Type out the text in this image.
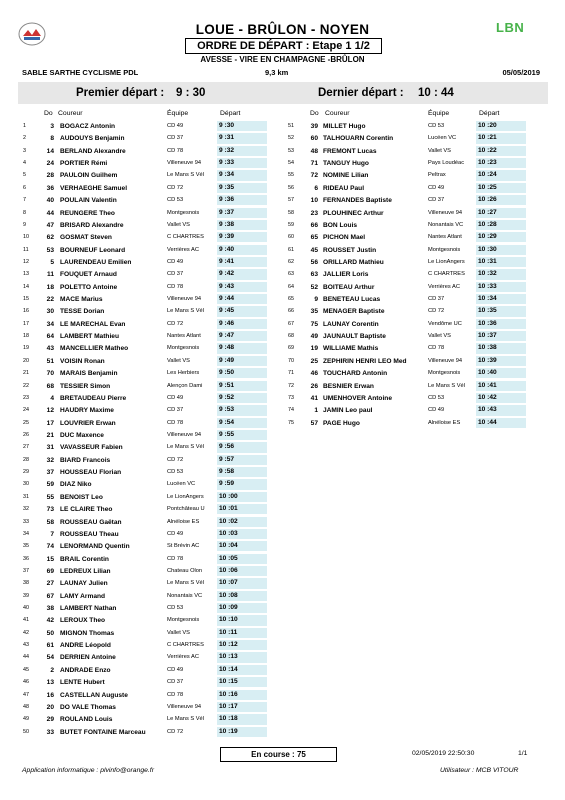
LBN
LOUE - BRÛLON - NOYEN
ORDRE DE DÉPART : Etape 1 1/2
AVESSE - VIRE EN CHAMPAGNE -BRÛLON
SABLE SARTHE CYCLISME PDL	9,3 km	05/05/2019
Premier départ : 9 : 30	Dernier départ : 10 : 44
Do Coureur	Équipe	Départ	Do Coureur	Équipe	Départ
1	3 BOGACZ Antonin	CD 49	9 :30
2	8 AUDOUYS Benjamin	CD 37	9 :31
3	14 BERLAND Alexandre	CD 78	9 :32
4	24 PORTIER Rémi	Villeneuve 94	9 :33
5	28 PAULOIN Guilhem	Le Mans S Vél	9 :34
6	36 VERHAEGHE Samuel	CD 72	9 :35
7	40 POULAIN Valentin	CD 53	9 :36
8	44 REUNGERE Theo	Montgesnois	9 :37
9	47 BRISARD Alexandre	Vallet VS	9 :38
10	62 GOSMAT Steven	C CHARTRES	9 :39
11	53 BOURNEUF Leonard	Verrières AC	9 :40
12	5 LAURENDEAU Emilien	CD 49	9 :41
13	11 FOUQUET Arnaud	CD 37	9 :42
14	18 POLETTO Antoine	CD 78	9 :43
15	22 MACE Marius	Villeneuve 94	9 :44
16	30 TESSE Dorian	Le Mans S Vél	9 :45
17	34 LE MARECHAL Evan	CD 72	9 :46
18	64 LAMBERT Mathieu	Nantes Atlant	9 :47
19	43 MANCELLIER Matheo	Montgesnois	9 :48
20	51 VOISIN Ronan	Vallet VS	9 :49
21	70 MARAIS Benjamin	Les Herbiers	9 :50
22	68 TESSIER Simon	Alençon Dami	9 :51
23	4 BRETAUDEAU Pierre	CD 49	9 :52
24	12 HAUDRY Maxime	CD 37	9 :53
25	17 LOUVRIER Erwan	CD 78	9 :54
26	21 DUC Maxence	Villeneuve 94	9 :55
27	31 VAVASSEUR Fabien	Le Mans S Vél	9 :56
28	32 BIARD Francois	CD 72	9 :57
29	37 HOUSSEAU Florian	CD 53	9 :58
30	59 DIAZ Niko	Lucéen VC	9 :59
31	55 BENOIST Leo	Le LionAngers	10 :00
32	73 LE CLAIRE Theo	Pontchâteau U	10 :01
33	58 ROUSSEAU Gaëtan	Alnéloise ES	10 :02
34	7 ROUSSEAU Theau	CD 49	10 :03
35	74 LENORMAND Quentin	St Brévin AC	10 :04
36	15 BRAIL Corentin	CD 78	10 :05
37	69 LEDREUX Lilian	Chateau Olon	10 :06
38	27 LAUNAY Julien	Le Mans S Vél	10 :07
39	67 LAMY Armand	Nonantais VC	10 :08
40	38 LAMBERT Nathan	CD 53	10 :09
41	42 LEROUX Theo	Montgesnois	10 :10
42	50 MIGNON Thomas	Vallet VS	10 :11
43	61 ANDRE Léopold	C CHARTRES	10 :12
44	54 DERRIEN Antoine	Verrières AC	10 :13
45	2 ANDRADE Enzo	CD 49	10 :14
46	13 LENTE Hubert	CD 37	10 :15
47	16 CASTELLAN Auguste	CD 78	10 :16
48	20 DO VALE Thomas	Villeneuve 94	10 :17
49	29 ROULAND Louis	Le Mans S Vél	10 :18
50	33 BUTET FONTAINE Marceau	CD 72	10 :19
51	39 MILLET Hugo	CD 53	10 :20
52	60 TALHOUARN Corentin	Lucéen VC	10 :21
53	48 FREMONT Lucas	Vallet VS	10 :22
54	71 TANGUY Hugo	Pays Loudéac	10 :23
55	72 NOMINE Lilian	Peltrax	10 :24
56	6 RIDEAU Paul	CD 49	10 :25
57	10 FERNANDES Baptiste	CD 37	10 :26
58	23 PLOUHINEC Arthur	Villeneuve 94	10 :27
59	66 BON Louis	Nonantais VC	10 :28
60	65 PICHON Mael	Nantes Atlant	10 :29
61	45 ROUSSET Justin	Montgesnois	10 :30
62	56 ORILLARD Mathieu	Le LionAngers	10 :31
63	63 JALLIER Loris	C CHARTRES	10 :32
64	52 BOITEAU Arthur	Verrières AC	10 :33
65	9 BENETEAU Lucas	CD 37	10 :34
66	35 MENAGER Baptiste	CD 72	10 :35
67	75 LAUNAY Corentin	Vendôme UC	10 :36
68	49 JAUNAULT Baptiste	Vallet VS	10 :37
69	19 WILLIAME Mathis	CD 78	10 :38
70	25 ZEPHIRIN HENRI LEO Med	Villeneuve 94	10 :39
71	46 TOUCHARD Antonin	Montgesnois	10 :40
72	26 BESNIER Erwan	Le Mans S Vél	10 :41
73	41 UMENHOVER Antoine	CD 53	10 :42
74	1 JAMIN Leo paul	CD 49	10 :43
75	57 PAGE Hugo	Alnéloise ES	10 :44
En course : 75	02/05/2019 22:50:30	1/1
Application informatique : plvinfo@orange.fr	Utilisateur : MCB VITOUR
